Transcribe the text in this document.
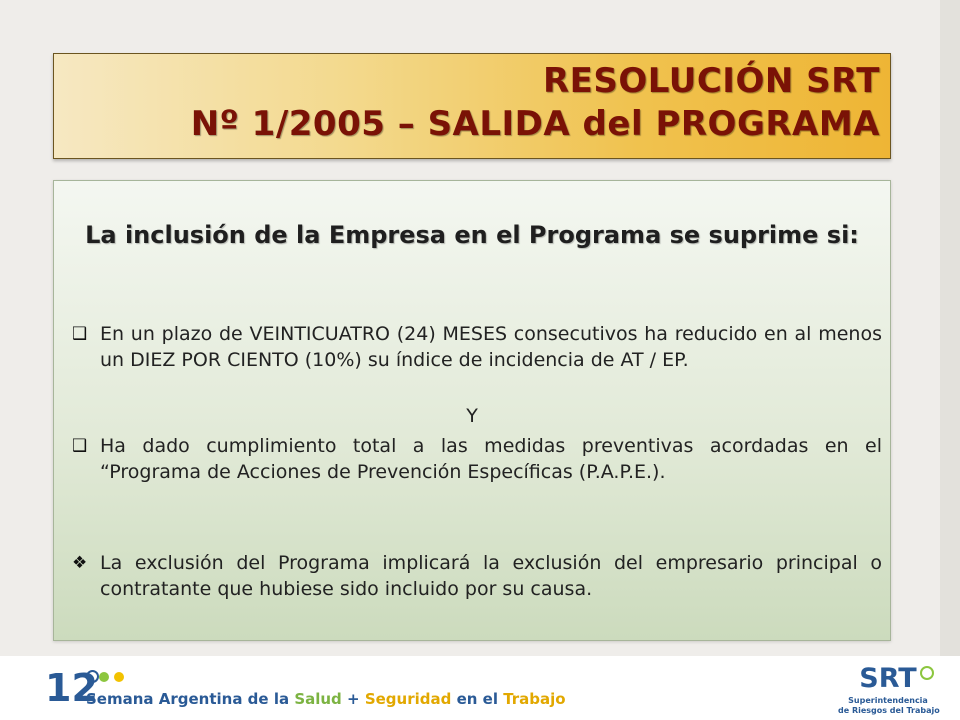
RESOLUCIÓN SRT
Nº 1/2005 – SALIDA del PROGRAMA
La inclusión de la Empresa en el Programa se suprime si:
❑ En un plazo de VEINTICUATRO (24) MESES consecutivos ha reducido en al menos un DIEZ POR CIENTO (10%) su índice de incidencia de AT / EP.
Y
❑ Ha dado cumplimiento total a las medidas preventivas acordadas en el “Programa de Acciones de Prevención Específicas (P.A.P.E.).
❖ La exclusión del Programa implicará la exclusión del empresario principal o contratante que hubiese sido incluido por su causa.
12
Semana Argentina de la Salud + Seguridad en el Trabajo
SRT
Superintendencia
de Riesgos del Trabajo
